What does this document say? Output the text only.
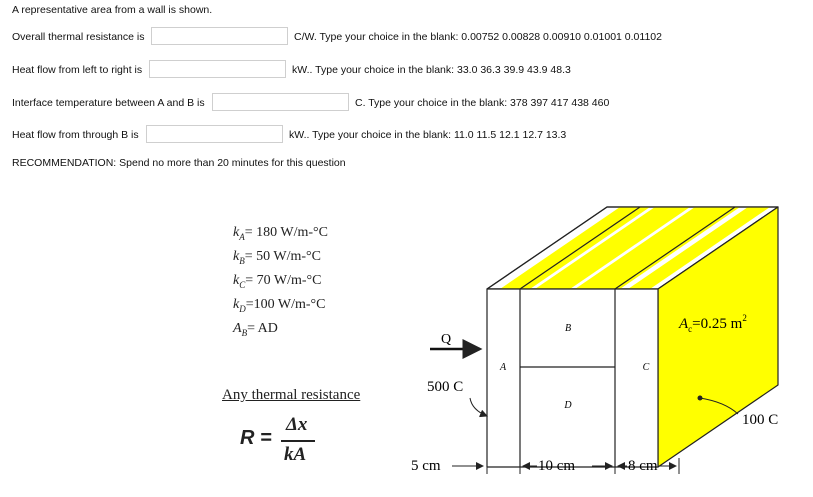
A representative area from a wall is shown.
Overall thermal resistance is	C/W. Type your choice in the blank: 0.00752 0.00828 0.00910 0.01001 0.01102
Heat flow from left to right is	kW.. Type your choice in the blank: 33.0 36.3 39.9 43.9 48.3
Interface temperature between A and B is	C. Type your choice in the blank: 378 397 417 438 460
Heat flow from through B is	kW.. Type your choice in the blank: 11.0 11.5 12.1 12.7 13.3
RECOMMENDATION: Spend no more than 20 minutes for this question
$k_A= 180$ W/m-°C
$k_B= 50$ W/m-°C
$k_C= 70$ W/m-°C
$k_D=100$ W/m-°C
$A_B=$ AD
Any thermal resistance
R =
Δx
kA
A
B
C
D
$A_c=0.25$ $m^2$
Q
500 C
100 C
5 cm	10 cm	8 cm
